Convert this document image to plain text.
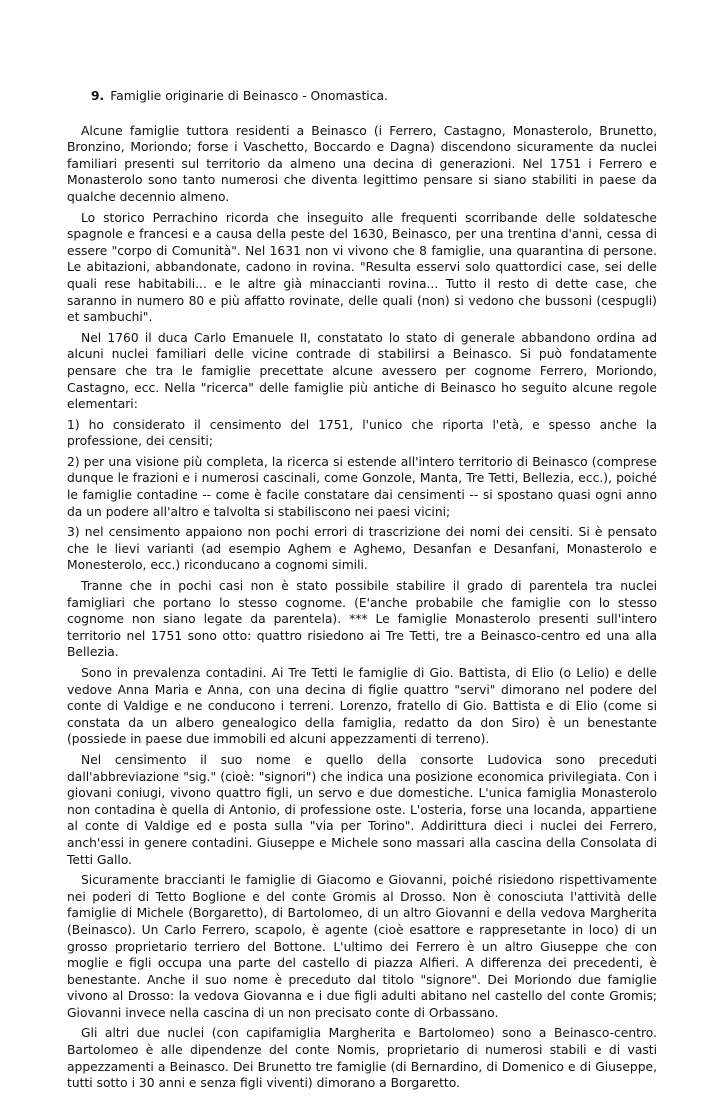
9. Famiglie originarie di Beinasco - Onomastica.

Alcune famiglie tuttora residenti a Beinasco (i Ferrero, Castagno, Monasterolo, Brunetto, Bronzino, Moriondo; forse i Vaschetto, Boccardo e Dagna) discendono sicuramente da nuclei familiari presenti sul territorio da almeno una decina di generazioni. Nel 1751 i Ferrero e Monasterolo sono tanto numerosi che diventa legittimo pensare si siano stabiliti in paese da qualche decennio almeno.

Lo storico Perrachino ricorda che inseguito alle frequenti scorribande delle soldatesche spagnole e francesi e a causa della peste del 1630, Beinasco, per una trentina d'anni, cessa di essere "corpo di Comunità". Nel 1631 non vi vivono che 8 famiglie, una quarantina di persone. Le abitazioni, abbandonate, cadono in rovina. "Resulta esservi solo quattordici case, sei delle quali rese habitabili... e le altre già minaccianti rovina... Tutto il resto di dette case, che saranno in numero 80 e più affatto rovinate, delle quali (non) si vedono che bussoni (cespugli) et sambuchi".

Nel 1760 il duca Carlo Emanuele II, constatato lo stato di generale abbandono ordina ad alcuni nuclei familiari delle vicine contrade di stabilirsi a Beinasco. Si può fondatamente pensare che tra le famiglie precettate alcune avessero per cognome Ferrero, Moriondo, Castagno, ecc. Nella "ricerca" delle famiglie più antiche di Beinasco ho seguito alcune regole elementari:

1) ho considerato il censimento del 1751, l'unico che riporta l'età, e spesso anche la professione, dei censiti;

2) per una visione più completa, la ricerca si estende all'intero territorio di Beinasco (comprese dunque le frazioni e i numerosi cascinali, come Gonzole, Manta, Tre Tetti, Bellezia, ecc.), poiché le famiglie contadine -- come è facile constatare dai censimenti -- si spostano quasi ogni anno da un podere all'altro e talvolta si stabiliscono nei paesi vicini;

3) nel censimento appaiono non pochi errori di trascrizione dei nomi dei censiti. Si è pensato che le lievi varianti (ad esempio Aghem e Agheмо, Desanfan e Desanfani, Monasterolo e Monesterolo, ecc.) riconducano a cognomi simili.

Tranne che in pochi casi non è stato possibile stabilire il grado di parentela tra nuclei famigliari che portano lo stesso cognome. (E'anche probabile che famiglie con lo stesso cognome non siano legate da parentela). *** Le famiglie Monasterolo presenti sull'intero territorio nel 1751 sono otto: quattro risiedono ai Tre Tetti, tre a Beinasco-centro ed una alla Bellezia.

Sono in prevalenza contadini. Ai Tre Tetti le famiglie di Gio. Battista, di Elio (o Lelio) e delle vedove Anna Maria e Anna, con una decina di figlie quattro "servi" dimorano nel podere del conte di Valdige e ne conducono i terreni. Lorenzo, fratello di Gio. Battista e di Elio (come si constata da un albero genealogico della famiglia, redatto da don Siro) è un benestante (possiede in paese due immobili ed alcuni appezzamenti di terreno).

Nel censimento il suo nome e quello della consorte Ludovica sono preceduti dall'abbreviazione "sig." (cioè: "signori") che indica una posizione economica privilegiata. Con i giovani coniugi, vivono quattro figli, un servo e due domestiche. L'unica famiglia Monasterolo non contadina è quella di Antonio, di professione oste. L'osteria, forse una locanda, appartiene al conte di Valdige ed e posta sulla "via per Torino". Addirittura dieci i nuclei dei Ferrero, anch'essi in genere contadini. Giuseppe e Michele sono massari alla cascina della Consolata di Tetti Gallo.

Sicuramente braccianti le famiglie di Giacomo e Giovanni, poiché risiedono rispettivamente nei poderi di Tetto Boglione e del conte Gromis al Drosso. Non è conosciuta l'attività delle famiglie di Michele (Borgaretto), di Bartolomeo, di un altro Giovanni e della vedova Margherita (Beinasco). Un Carlo Ferrero, scapolo, è agente (cioè esattore e rappresetante in loco) di un grosso proprietario terriero del Bottone. L'ultimo dei Ferrero è un altro Giuseppe che con moglie e figli occupa una parte del castello di piazza Alfieri. A differenza dei precedenti, è benestante. Anche il suo nome è preceduto dal titolo "signore". Dei Moriondo due famiglie vivono al Drosso: la vedova Giovanna e i due figli adulti abitano nel castello del conte Gromis; Giovanni invece nella cascina di un non precisato conte di Orbassano.

Gli altri due nuclei (con capifamiglia Margherita e Bartolomeo) sono a Beinasco-centro. Bartolomeo è alle dipendenze del conte Nomis, proprietario di numerosi stabili e di vasti appezzamenti a Beinasco. Dei Brunetto tre famiglie (di Bernardino, di Domenico e di Giuseppe, tutti sotto i 30 anni e senza figli viventi) dimorano a Borgaretto.
